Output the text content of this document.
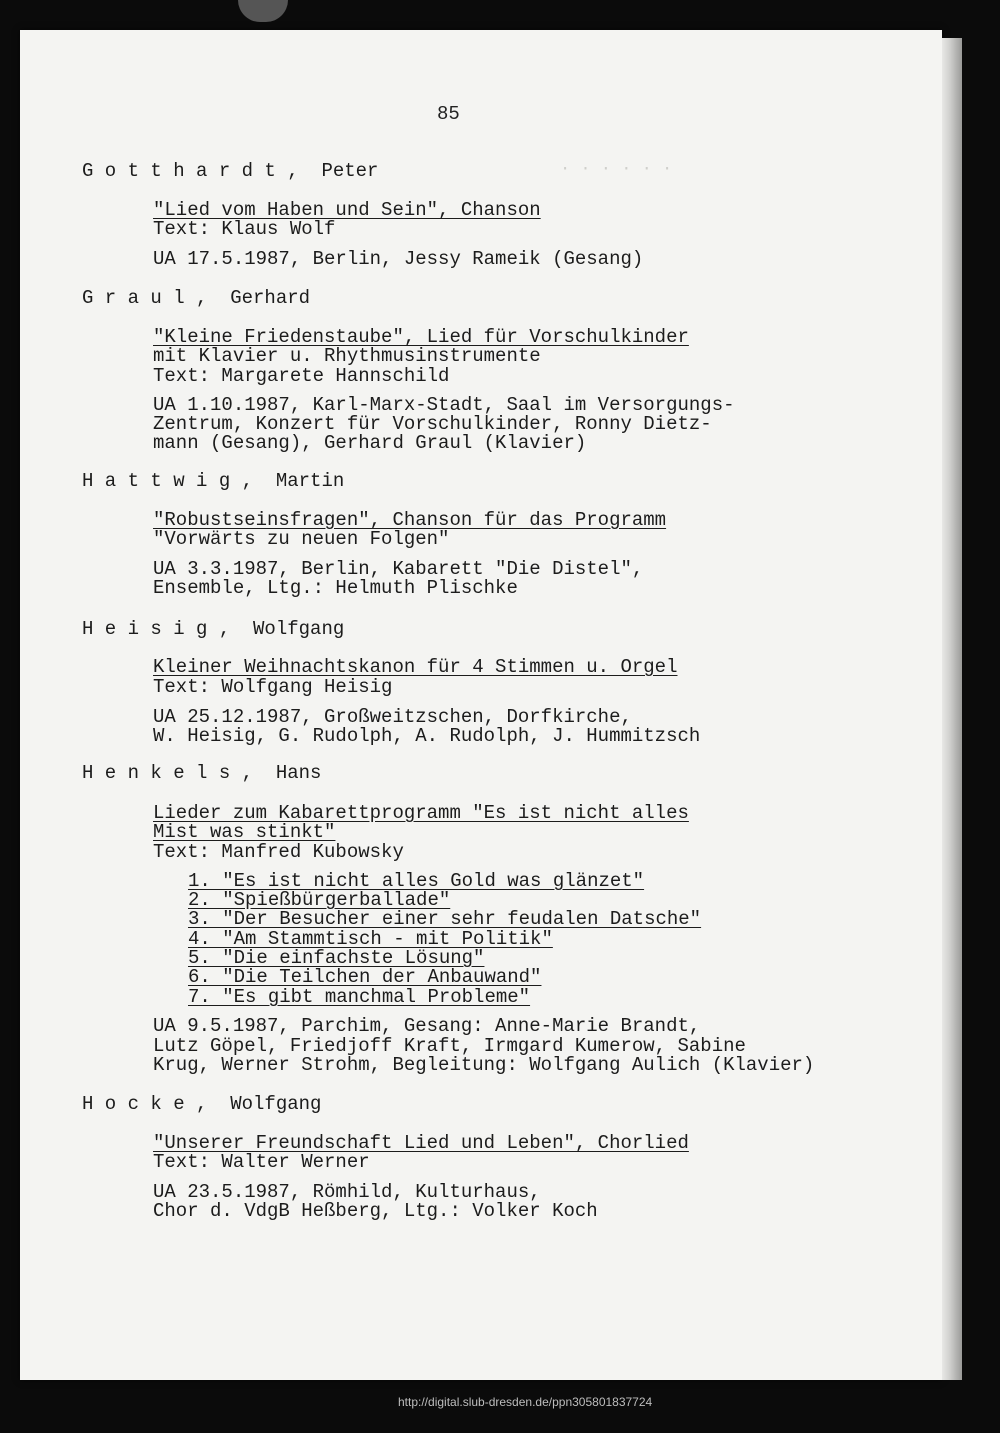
· · · · · ·
85
G o t t h a r d t ,  Peter
"Lied vom Haben und Sein", Chanson
Text: Klaus Wolf
UA 17.5.1987, Berlin, Jessy Rameik (Gesang)
G r a u l ,  Gerhard
"Kleine Friedenstaube", Lied für Vorschulkinder
mit Klavier u. Rhythmusinstrumente
Text: Margarete Hannschild
UA 1.10.1987, Karl-Marx-Stadt, Saal im Versorgungs-
Zentrum, Konzert für Vorschulkinder, Ronny Dietz-
mann (Gesang), Gerhard Graul (Klavier)
H a t t w i g ,  Martin
"Robustseinsfragen", Chanson für das Programm
"Vorwärts zu neuen Folgen"
UA 3.3.1987, Berlin, Kabarett "Die Distel",
Ensemble, Ltg.: Helmuth Plischke
H e i s i g ,  Wolfgang
Kleiner Weihnachtskanon für 4 Stimmen u. Orgel
Text: Wolfgang Heisig
UA 25.12.1987, Großweitzschen, Dorfkirche,
W. Heisig, G. Rudolph, A. Rudolph, J. Hummitzsch
H e n k e l s ,  Hans
Lieder zum Kabarettprogramm "Es ist nicht alles
Mist was stinkt"
Text: Manfred Kubowsky
1. "Es ist nicht alles Gold was glänzet"
2. "Spießbürgerballade"
3. "Der Besucher einer sehr feudalen Datsche"
4. "Am Stammtisch - mit Politik"
5. "Die einfachste Lösung"
6. "Die Teilchen der Anbauwand"
7. "Es gibt manchmal Probleme"
UA 9.5.1987, Parchim, Gesang: Anne-Marie Brandt,
Lutz Göpel, Friedjoff Kraft, Irmgard Kumerow, Sabine
Krug, Werner Strohm, Begleitung: Wolfgang Aulich (Klavier)
H o c k e ,  Wolfgang
"Unserer Freundschaft Lied und Leben", Chorlied
Text: Walter Werner
UA 23.5.1987, Römhild, Kulturhaus,
Chor d. VdgB Heßberg, Ltg.: Volker Koch
http://digital.slub-dresden.de/ppn305801837724
